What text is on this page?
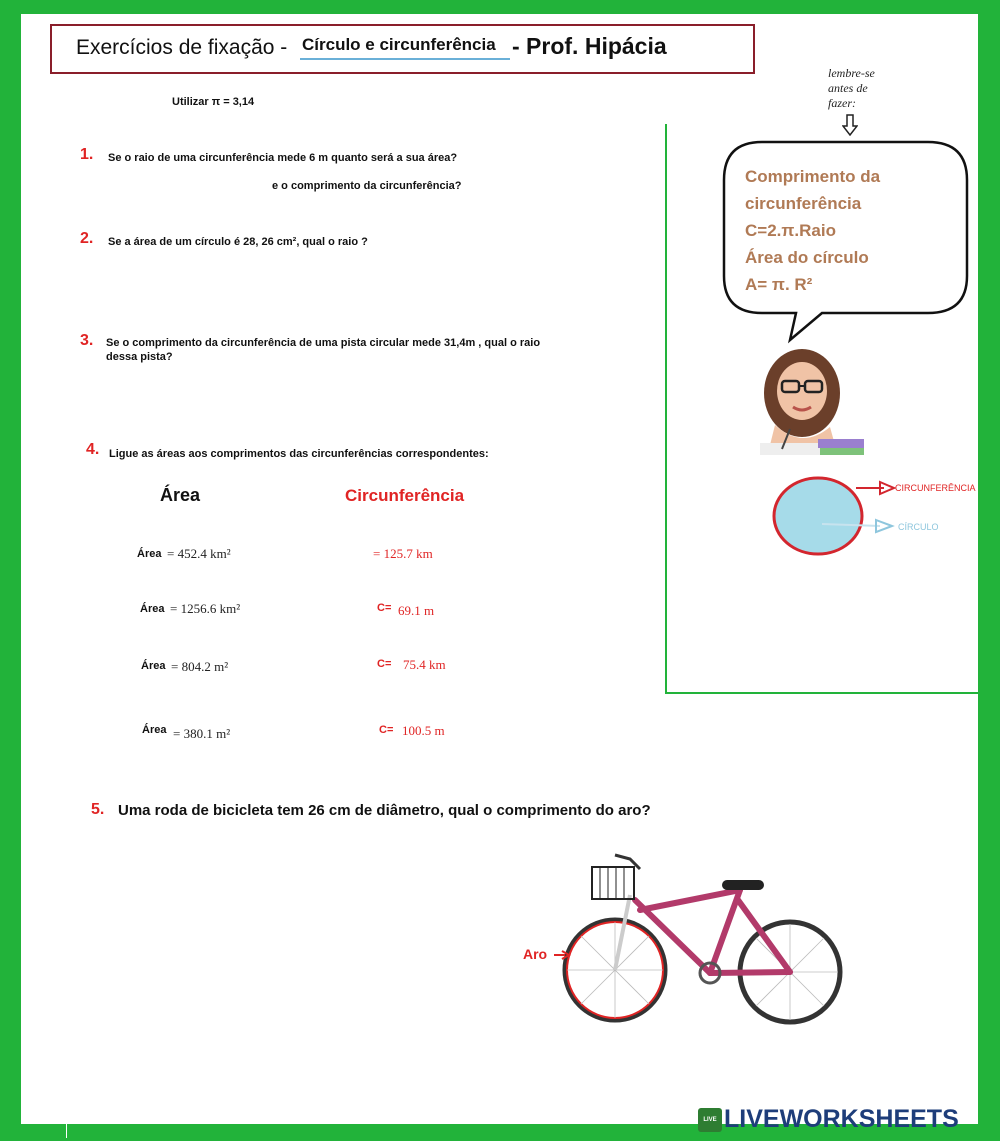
Exercícios de fixação - Círculo e circunferência - Prof. Hipácia
Utilizar π = 3,14
1. Se o raio de uma circunferência mede 6 m quanto será a sua área?
e o comprimento da circunferência?
2. Se a área de um círculo é 28, 26 cm², qual o raio ?
3. Se o comprimento da circunferência de uma pista circular mede 31,4m , qual o raio
dessa pista?
4. Ligue as áreas aos comprimentos das circunferências correspondentes:
Área	Circunferência
Área = 452.4 km²
Área = 1256.6 km²
Área = 804.2 m²
Área = 380.1 m²
= 125.7 km
C= 69.1 m
C= 75.4 km
C= 100.5 m
5. Uma roda de bicicleta tem 26 cm de diâmetro, qual o comprimento do aro?
lembre-se
antes de
fazer:
Comprimento da
circunferência
C=2.π.Raio
Área do círculo
A= π. R²
CIRCUNFERÊNCIA
CÍRCULO
Aro
LIVE LIVEWORKSHEETS
